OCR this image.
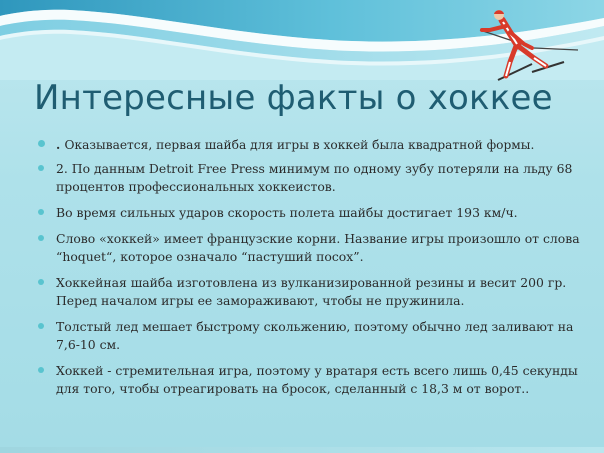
Интересные факты о хоккее
. Оказывается, первая шайба для игры в хоккей была квадратной формы.
2. По данным Detroit Free Press минимум по одному зубу потеряли на льду 68 процентов профессиональных хоккеистов.
Во время сильных ударов скорость полета шайбы достигает 193 км/ч.
Слово «хоккей» имеет французские корни. Название игры произошло от слова “hoquet“, которое означало “пастуший посох”.
Хоккейная шайба изготовлена из вулканизированной резины и весит 200 гр. Перед началом игры ее замораживают, чтобы не пружинила.
Толстый лед мешает быстрому скольжению, поэтому обычно лед заливают на 7,6-10 см.
Хоккей - стремительная игра, поэтому у вратаря есть всего лишь 0,45 секунды для того, чтобы отреагировать на бросок, сделанный с 18,3 м от ворот..
